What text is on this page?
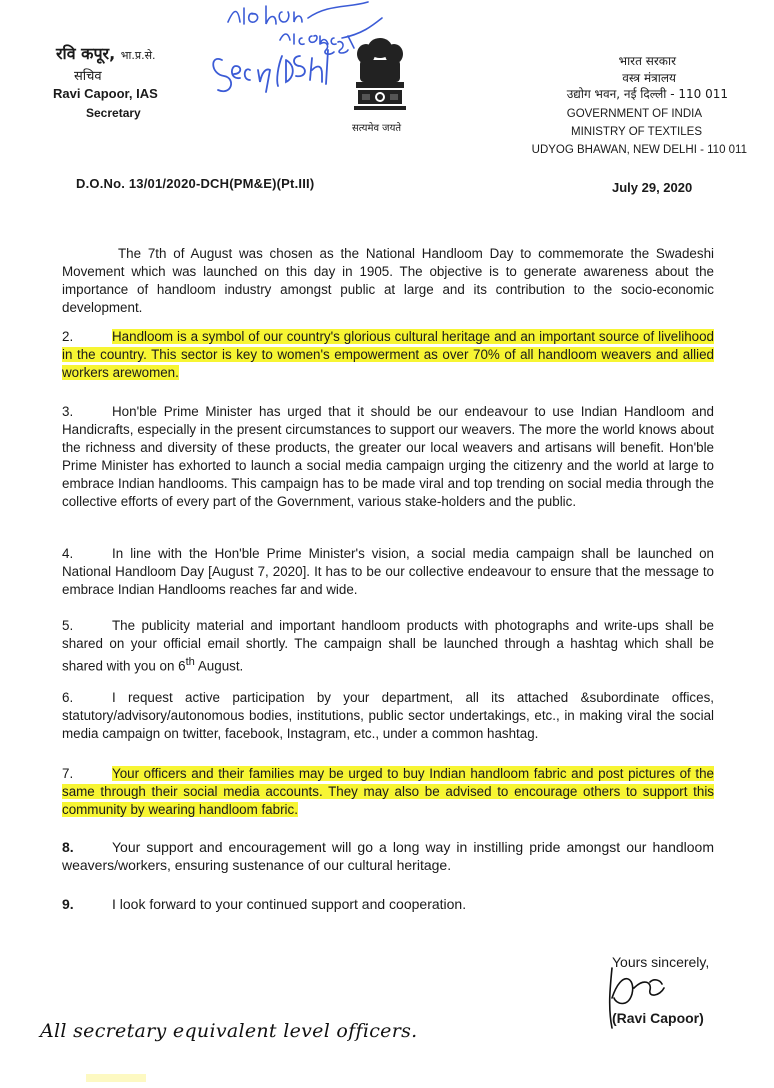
रवि कपूर, भा.प्र.से.
सचिव
Ravi Capoor, IAS
Secretary
सत्यमेव जयते
भारत सरकार
वस्त्र मंत्रालय
उद्योग भवन, नई दिल्ली - 110 011
GOVERNMENT OF INDIA
MINISTRY OF TEXTILES
UDYOG BHAWAN, NEW DELHI - 110 011
D.O.No. 13/01/2020-DCH(PM&E)(Pt.III)	July 29, 2020

The 7th of August was chosen as the National Handloom Day to commemorate the Swadeshi Movement which was launched on this day in 1905. The objective is to generate awareness about the importance of handloom industry amongst public at large and its contribution to the socio-economic development.

2.	Handloom is a symbol of our country's glorious cultural heritage and an important source of livelihood in the country. This sector is key to women's empowerment as over 70% of all handloom weavers and allied workers arewomen.

3.	Hon'ble Prime Minister has urged that it should be our endeavour to use Indian Handloom and Handicrafts, especially in the present circumstances to support our weavers. The more the world knows about the richness and diversity of these products, the greater our local weavers and artisans will benefit. Hon'ble Prime Minister has exhorted to launch a social media campaign urging the citizenry and the world at large to embrace Indian handlooms. This campaign has to be made viral and top trending on social media through the collective efforts of every part of the Government, various stake-holders and the public.

4.	In line with the Hon'ble Prime Minister's vision, a social media campaign shall be launched on National Handloom Day [August 7, 2020]. It has to be our collective endeavour to ensure that the message to embrace Indian Handlooms reaches far and wide.

5.	The publicity material and important handloom products with photographs and write-ups shall be shared on your official email shortly. The campaign shall be launched through a hashtag which shall be shared with you on 6th August.

6.	I request active participation by your department, all its attached &subordinate offices, statutory/advisory/autonomous bodies, institutions, public sector undertakings, etc., in making viral the social media campaign on twitter, facebook, Instagram, etc., under a common hashtag.

7.	Your officers and their families may be urged to buy Indian handloom fabric and post pictures of the same through their social media accounts. They may also be advised to encourage others to support this community by wearing handloom fabric.

8.	Your support and encouragement will go a long way in instilling pride amongst our handloom weavers/workers, ensuring sustenance of our cultural heritage.

9.	I look forward to your continued support and cooperation.

Yours sincerely,
(Ravi Capoor)
All secretary equivalent level officers.
